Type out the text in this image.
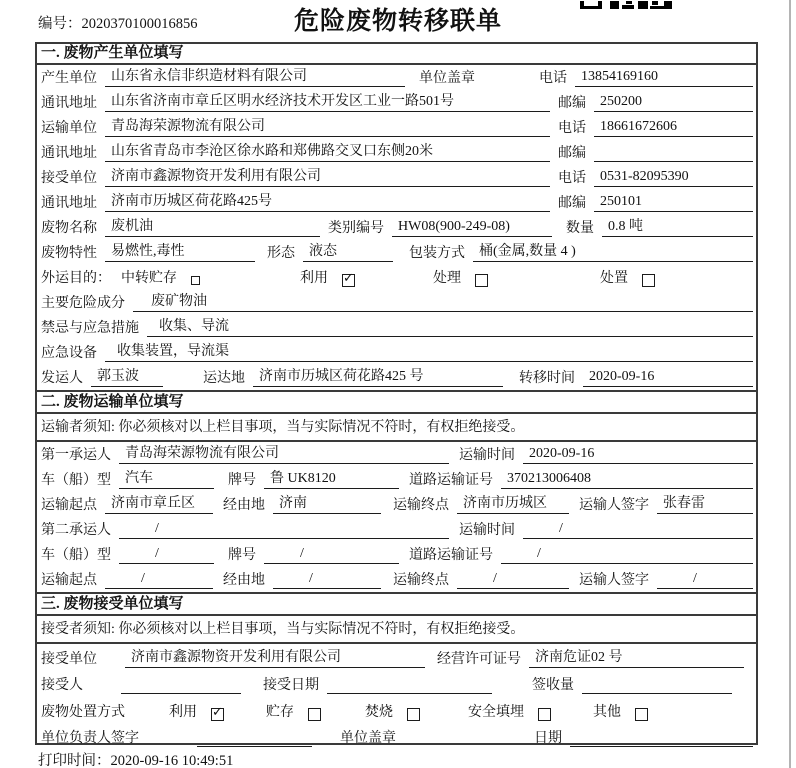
编号：2020370100016856	危险废物转移联单
一. 废物产生单位填写
产生单位	山东省永信非织造材料有限公司	单位盖章	电话	13854169160
通讯地址	山东省济南市章丘区明水经济技术开发区工业一路501号	邮编	250200
运输单位	青岛海荣源物流有限公司	电话	18661672606
通讯地址	山东省青岛市李沧区徐水路和郑佛路交叉口东侧20米	邮编
接受单位	济南市鑫源物资开发利用有限公司	电话	0531-82095390
通讯地址	济南市历城区荷花路425号	邮编	250101
废物名称	废机油	类别编号	HW08(900-249-08)	数量	0.8 吨
废物特性	易燃性,毒性	形态	液态	包装方式	桶(金属,数量 4 )
外运目的： 中转贮存	利用 ✓	处理	处置
主要危险成分	废矿物油
禁忌与应急措施	收集、导流
应急设备	收集装置，导流渠
发运人	郭玉波	运达地	济南市历城区荷花路425 号	转移时间	2020-09-16
二. 废物运输单位填写
运输者须知: 你必须核对以上栏目事项，当与实际情况不符时，有权拒绝接受。
第一承运人	青岛海荣源物流有限公司	运输时间	2020-09-16
车（船）型	汽车	牌号	鲁 UK8120	道路运输证号	370213006408
运输起点	济南市章丘区	经由地	济南	运输终点	济南市历城区	运输人签字	张春雷
第二承运人	/	运输时间	/
车（船）型	/	牌号	/	道路运输证号	/
运输起点	/	经由地	/	运输终点	/	运输人签字	/
三. 废物接受单位填写
接受者须知: 你必须核对以上栏目事项，当与实际情况不符时，有权拒绝接受。
接受单位	济南市鑫源物资开发利用有限公司	经营许可证号	济南危证02 号
接受人	接受日期	签收量
废物处置方式	利用 ✓	贮存	焚烧	安全填埋	其他
单位负责人签字	单位盖章	日期
打印时间：2020-09-16 10:49:51
